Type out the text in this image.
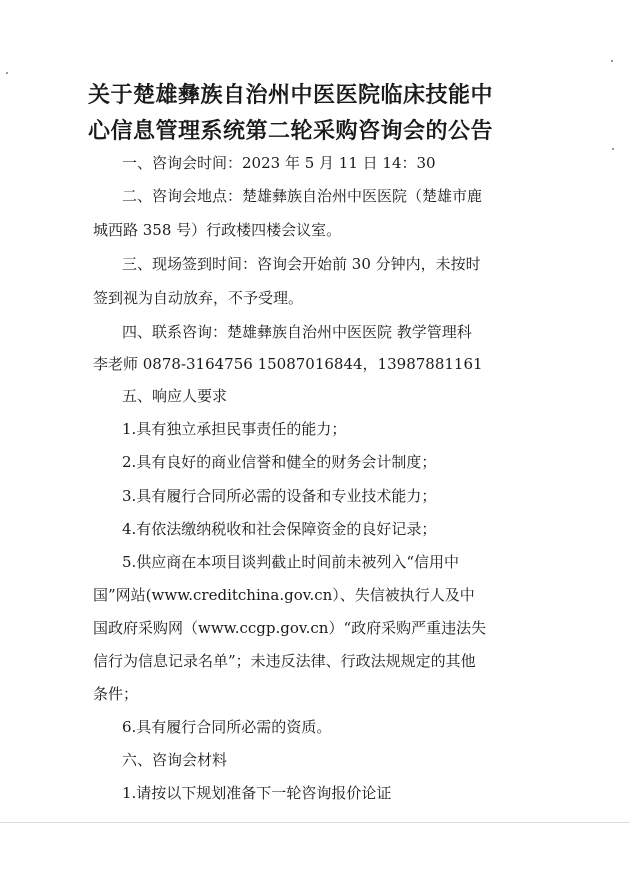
关于楚雄彝族自治州中医医院临床技能中
心信息管理系统第二轮采购咨询会的公告
一、咨询会时间：2023 年 5 月 11 日 14：30
二、咨询会地点：楚雄彝族自治州中医医院（楚雄市鹿
城西路 358 号）行政楼四楼会议室。
三、现场签到时间：咨询会开始前 30 分钟内，未按时
签到视为自动放弃，不予受理。
四、联系咨询：楚雄彝族自治州中医医院 教学管理科
李老师 0878-3164756 15087016844，13987881161
五、响应人要求
1.具有独立承担民事责任的能力；
2.具有良好的商业信誉和健全的财务会计制度；
3.具有履行合同所必需的设备和专业技术能力；
4.有依法缴纳税收和社会保障资金的良好记录；
5.供应商在本项目谈判截止时间前未被列入“信用中
国”网站(www.creditchina.gov.cn）、失信被执行人及中
国政府采购网（www.ccgp.gov.cn）“政府采购严重违法失
信行为信息记录名单”；未违反法律、行政法规规定的其他
条件；
6.具有履行合同所必需的资质。
六、咨询会材料
1.请按以下规划准备下一轮咨询报价论证
